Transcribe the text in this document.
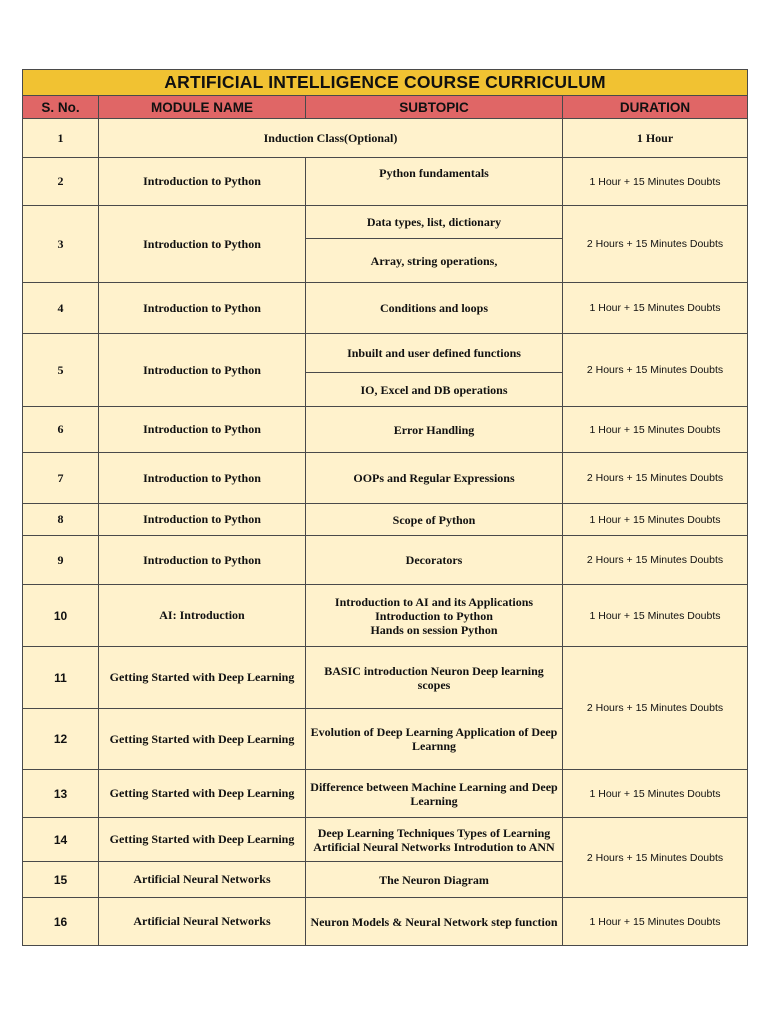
ARTIFICIAL INTELLIGENCE COURSE CURRICULUM			
S. No.	MODULE NAME	SUBTOPIC	DURATION
1	Induction Class(Optional)		1 Hour
2	Introduction to Python	Python fundamentals	1 Hour + 15 Minutes Doubts
3	Introduction to Python	Data types, list, dictionary	2 Hours + 15 Minutes Doubts
		Array, string operations,	
4	Introduction to Python	Conditions and loops	1 Hour + 15 Minutes Doubts
5	Introduction to Python	Inbuilt and user defined functions	2 Hours + 15 Minutes Doubts
		IO, Excel and DB operations	
6	Introduction to Python	Error Handling	1 Hour + 15 Minutes Doubts
7	Introduction to Python	OOPs and Regular Expressions	2 Hours + 15 Minutes Doubts
8	Introduction to Python	Scope of Python	1 Hour + 15 Minutes Doubts
9	Introduction to Python	Decorators	2 Hours + 15 Minutes Doubts
10	AI: Introduction	Introduction to AI and its Applications
Introduction to Python
Hands on session Python	1 Hour + 15 Minutes Doubts
11	Getting Started with Deep Learning	BASIC introduction Neuron Deep learning scopes	2 Hours + 15 Minutes Doubts
12	Getting Started with Deep Learning	Evolution of Deep Learning Application of Deep
Learnng	

13	Getting Started with Deep Learning	Difference between Machine Learning and Deep
Learning	1 Hour + 15 Minutes Doubts
14	Getting Started with Deep Learning	Deep Learning Techniques Types of Learning
Artificial Neural Networks Introdution to ANN	2 Hours + 15 Minutes Doubts
15	Artificial Neural Networks	The Neuron Diagram	
16	Artificial Neural Networks	Neuron Models & Neural Network step function	1 Hour + 15 Minutes Doubts
